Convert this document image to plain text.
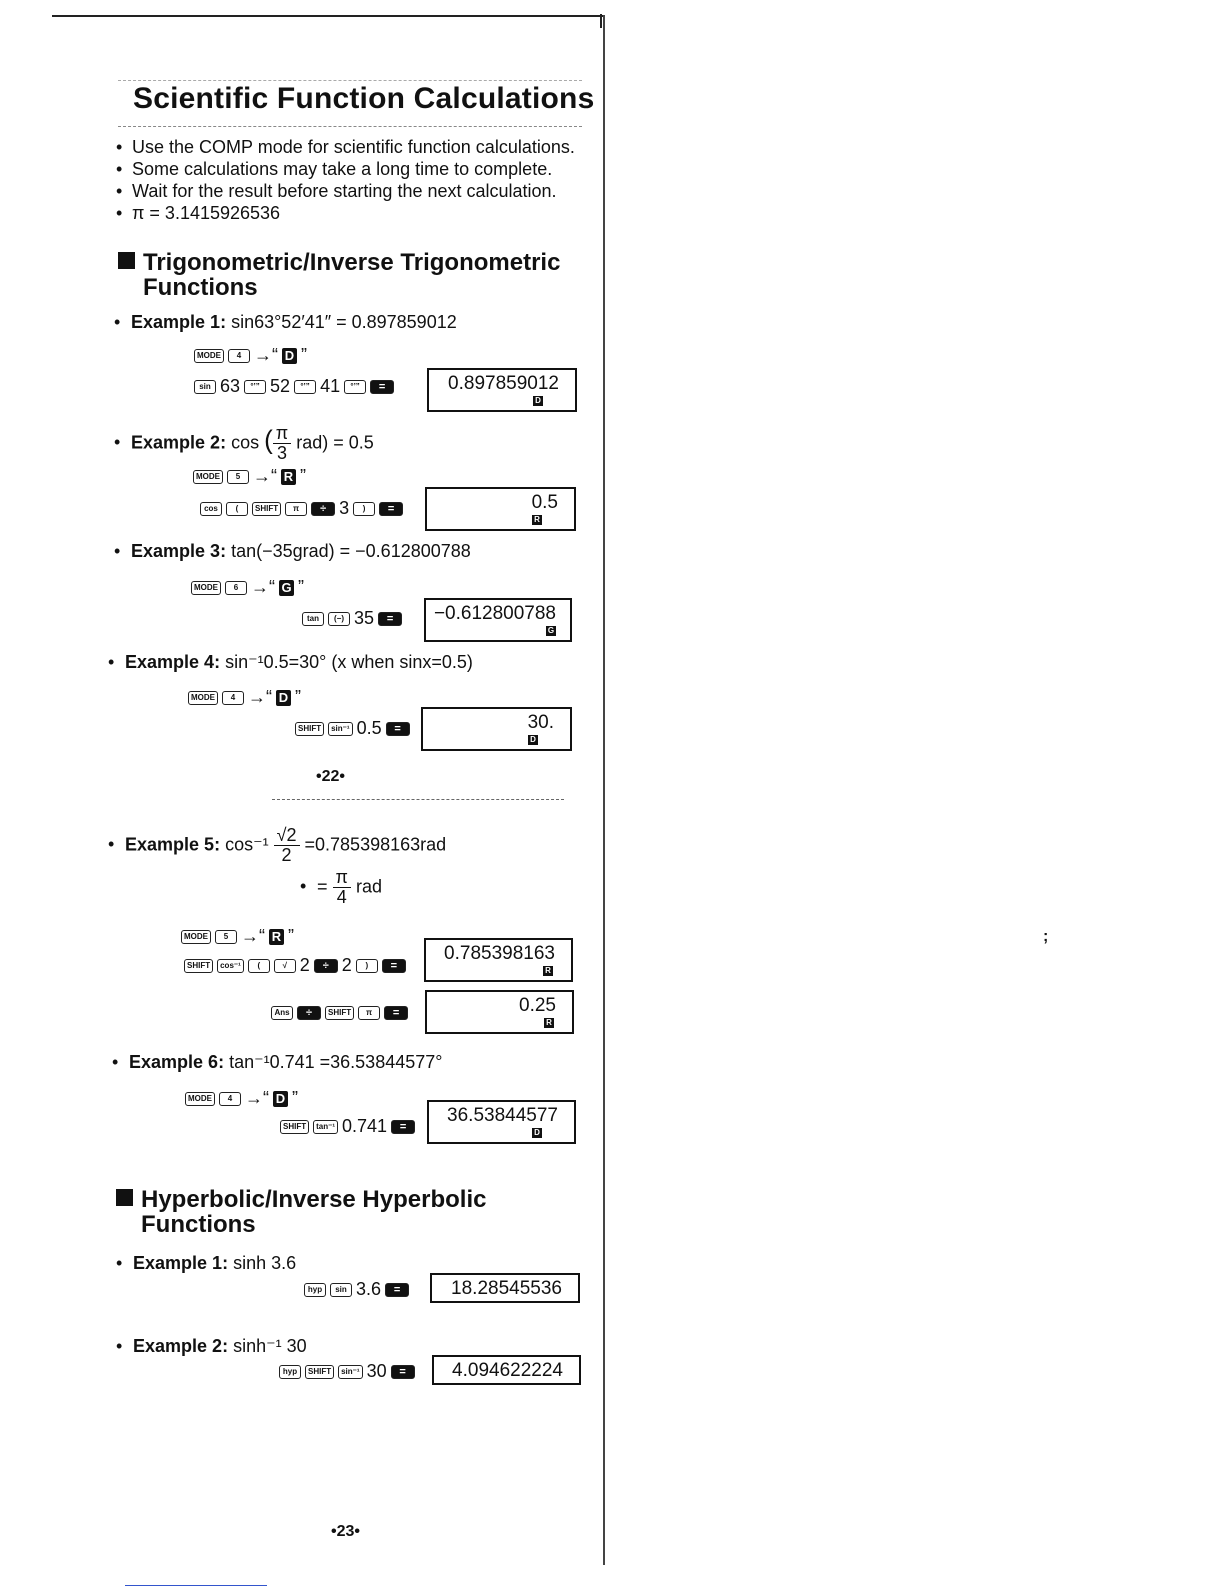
Scientific Function Calculations
• Use the COMP mode for scientific function calculations.
• Some calculations may take a long time to complete.
• Wait for the result before starting the next calculation.
• π = 3.1415926536
Trigonometric/Inverse Trigonometric
Functions
• Example 1: sin63°52′41″ = 0.897859012
MODE	4 →“ D ”
sin 63	°’” 52	°’” 41	°’”	=	0.897859012
D
• Example 2: cos ( $\frac{\pi}{3} rad) = 0.5$
MODE	5 →“ R ”
cos	(	SHIFT	π	÷ 3	)	=	0.5
R
• Example 3: tan(−35grad) = −0.612800788
MODE	6 →“ G ”
tan	(−) 35	=	−0.612800788
G
• Example 4: sin⁻¹0.5=30° (x when sinx=0.5)
MODE	4 →“ D ”
SHIFT	sin⁻¹ 0.5	=	30.
D
•22•
• Example 5: $\cos^{-1} \frac{√2}{2} =0.785398163rad$
• = $\frac{\pi}{4}$ rad
MODE	5 →“ R ”
SHIFT	cos⁻¹	(	√ 2	÷ 2	)	=
0.785398163
R
Ans	÷	SHIFT	π	=	0.25
R
• Example 6: tan⁻¹0.741 =36.53844577°
MODE	4 →“ D ”
SHIFT	tan⁻¹ 0.741	=
36.53844577
D
Hyperbolic/Inverse Hyperbolic
Functions
• Example 1: sinh 3.6
hyp	sin 3.6	=	18.28545536
• Example 2: sinh⁻¹ 30
hyp	SHIFT	sin⁻¹ 30	=	4.094622224
•23•
;
